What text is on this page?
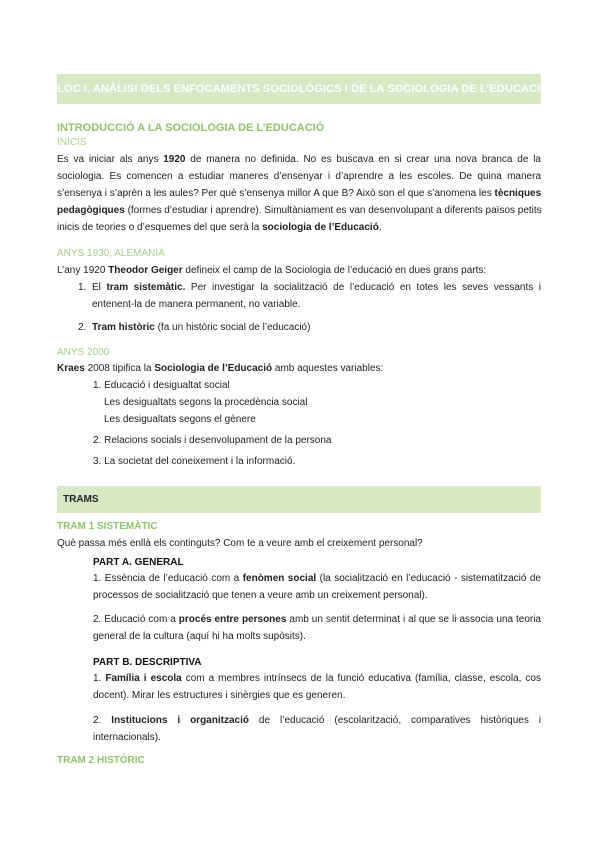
BLOC I. ANÀLISI DELS ENFOCAMENTS SOCIOLÒGICS I DE LA SOCIOLOGIA DE L’EDUCACIÓ
INTRODUCCIÓ A LA SOCIOLOGIA DE L’EDUCACIÓ
INICIS
Es va iniciar als anys 1920 de manera no definida. No es buscava en si crear una nova branca de la
sociologia. Es comencen a estudiar maneres d’ensenyar i d’aprendre a les escoles. De quina manera
s’ensenya i s’aprèn a les aules? Per què s’ensenya millor A que B? Això son el que s’anomena les tècniques
pedagògiques (formes d’estudiar i aprendre). Simultàniament es van desenvolupant a diferents països petits
inicis de teories o d’esquemes del que serà la sociologia de l’Educació.
ANYS 1930, ALEMANIA
L’any 1920 Theodor Geiger defineix el camp de la Sociologia de l’educació en dues grans parts:
1. El tram sistemàtic. Per investigar la socialització de l’educació en totes les seves vessants i
entenent-la de manera permanent, no variable.
2. Tram històric (fa un històric social de l’educació)
ANYS 2000
Kraes 2008 tipifica la Sociologia de l’Educació amb aquestes variables:
1. Educació i desigualtat social
Les desigualtats segons la procedència social
Les desigualtats segons el gènere
2. Relacions socials i desenvolupament de la persona
3. La societat del coneixement i la informació.
TRAMS
TRAM 1 SISTEMÀTIC
Què passa més enllà els continguts? Com te a veure amb el creixement personal?
PART A. GENERAL
1. Essència de l’educació com a fenòmen social (la socialització en l’educació - sistematització de
processos de socialització que tenen a veure amb un creixement personal).
2. Educació com a procés entre persones amb un sentit determinat i al que se li associa una teoria
general de la cultura (aquí hi ha molts supòsits).
PART B. DESCRIPTIVA
1. Família i escola com a membres intrínsecs de la funció educativa (família, classe, escola, cos
docent). Mirar les estructures i sinèrgies que es generen.
2. Institucions i organització de l’educació (escolarització, comparatives històriques i
internacionals).
TRAM 2 HISTÒRIC
